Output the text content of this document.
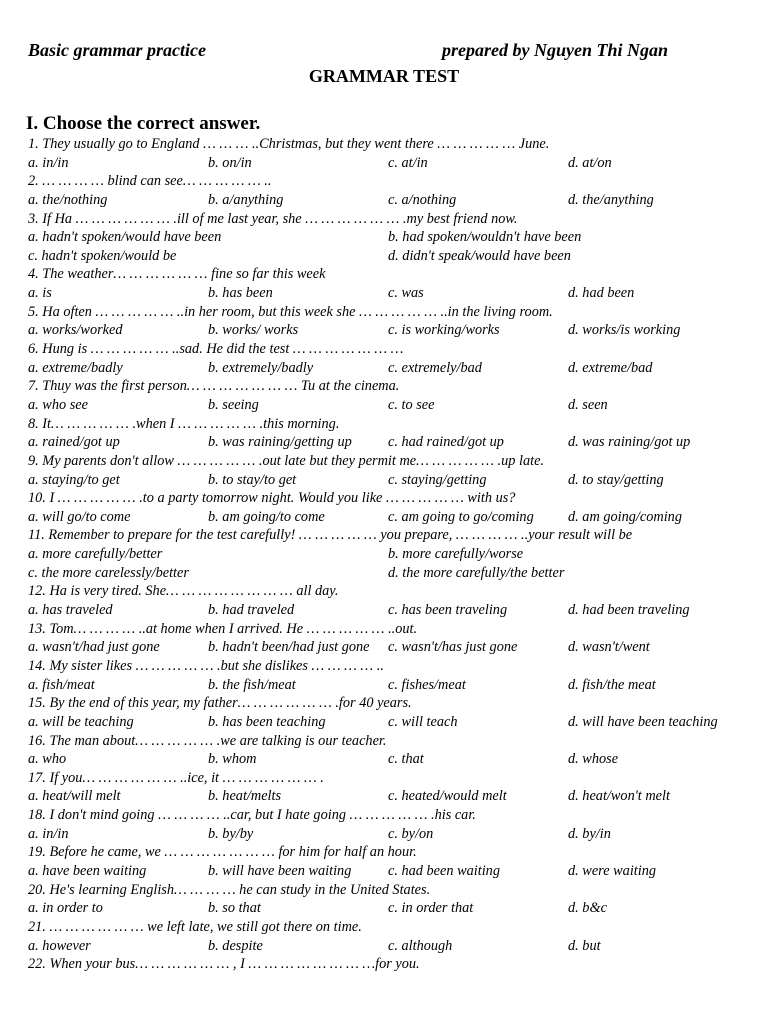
Basic grammar practice	prepared by Nguyen Thi Ngan
GRAMMAR TEST
I. Choose the correct answer.
1. They usually go to England … … … ..Christmas, but they went there … … … … … June.
a. in/in	b. on/in	c. at/in	d. at/on
2. … … … … blind can see… … … … … ..
a. the/nothing	b. a/anything	c. a/nothing	d. the/anything
3. If Ha … … … … … … .ill of me last year, she … … … … … … .my best friend now.
a. hadn't spoken/would have been	b. had spoken/wouldn't have been
c. hadn't spoken/would be	d. didn't speak/would have been
4. The weather… … … … … … fine so far this week
a. is	b. has been	c. was	d. had been
5. Ha often … … … … … ..in her room, but this week she … … … … … ..in the living room.
a. works/worked	b. works/ works	c. is working/works	d. works/is working
6. Hung is … … … … … ..sad. He did the test … … … … … … …
a. extreme/badly	b. extremely/badly	c. extremely/bad	d. extreme/bad
7. Thuy was the first person… … … … … … … Tu at the cinema.
a. who see	b. seeing	c. to see	d. seen
8. It… … … … … .when I … … … … … .this morning.
a. rained/got up	b. was raining/getting up	c. had rained/got up	d. was raining/got up
9. My parents don't allow … … … … … .out late but they permit me… … … … … .up late.
a. staying/to get	b. to stay/to get	c. staying/getting	d. to stay/getting
10. I … … … … … .to a party tomorrow night. Would you like … … … … … with us?
a. will go/to come	b. am going/to come	c. am going to go/coming d. am going/coming
11. Remember to prepare for the test carefully! … … … … … you prepare, … … … … ..your result will be
a. more carefully/better	b. more carefully/worse
c. the more carelessly/better	d. the more carefully/the better
12. Ha is very tired. She… … … … … … … … all day.
a. has traveled	b. had traveled	c. has been traveling	d. had been traveling
13. Tom… … … … ..at home when I arrived. He … … … … … ..out.
a. wasn't/had just gone	b. hadn't been/had just gone c. wasn't/has just gone	d. wasn't/went
14. My sister likes … … … … … .but she dislikes … … … … ..
a. fish/meat	b. the fish/meat	c. fishes/meat	d. fish/the meat
15. By the end of this year, my father… … … … … … .for 40 years.
a. will be teaching	b. has been teaching	c. will teach	d. will have been teaching
16. The man about… … … … … .we are talking is our teacher.
a. who	b. whom	c. that	d. whose
17. If you… … … … … … ..ice, it … … … … … … .
a. heat/will melt	b. heat/melts	c. heated/would melt	d. heat/won't melt
18. I don't mind going … … … … ..car, but I hate going … … … … … .his car.
a. in/in	b. by/by	c. by/on	d. by/in
19. Before he came, we … … … … … … … for him for half an hour.
a. have been waiting	b. will have been waiting	c. had been waiting	d. were waiting
20. He's learning English… … … … he can study in the United States.
a. in order to	b. so that	c. in order that	d. b&c
21. … … … … … … we left late, we still got there on time.
a. however	b. despite	c. although	d. but
22. When your bus… … … … … … , I … … … … … … … …for you.
